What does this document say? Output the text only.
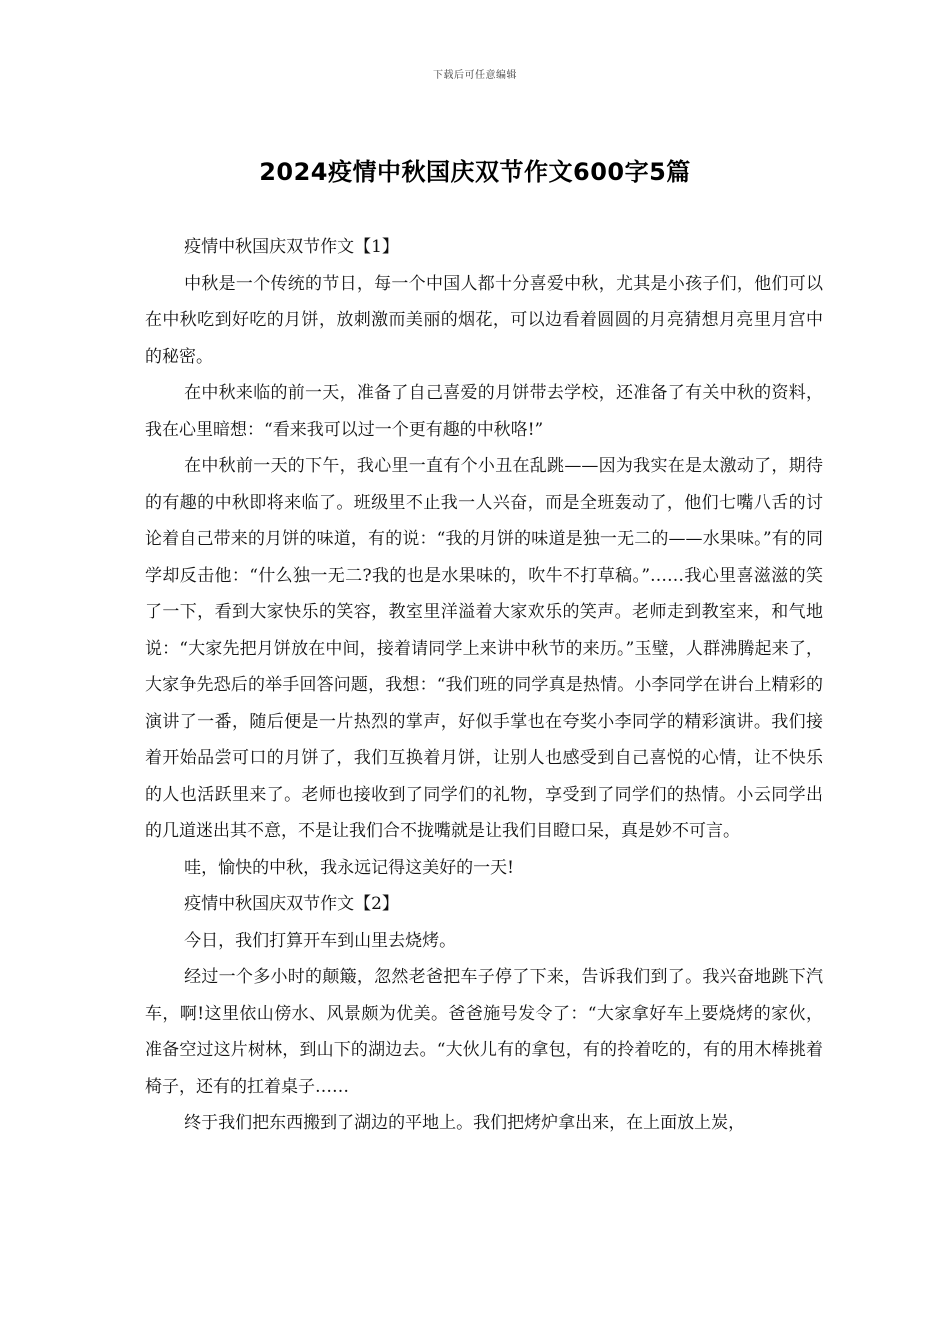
下载后可任意编辑
2024疫情中秋国庆双节作文600字5篇

疫情中秋国庆双节作文【1】

中秋是一个传统的节日，每一个中国人都十分喜爱中秋，尤其是小孩子们，他们可以在中秋吃到好吃的月饼，放刺激而美丽的烟花，可以边看着圆圆的月亮猜想月亮里月宫中的秘密。

在中秋来临的前一天，准备了自己喜爱的月饼带去学校，还准备了有关中秋的资料，我在心里暗想：“看来我可以过一个更有趣的中秋咯!”

在中秋前一天的下午，我心里一直有个小丑在乱跳——因为我实在是太激动了，期待的有趣的中秋即将来临了。班级里不止我一人兴奋，而是全班轰动了，他们七嘴八舌的讨论着自己带来的月饼的味道，有的说：“我的月饼的味道是独一无二的——水果味。”有的同学却反击他：“什么独一无二?我的也是水果味的，吹牛不打草稿。”……我心里喜滋滋的笑了一下，看到大家快乐的笑容，教室里洋溢着大家欢乐的笑声。老师走到教室来，和气地说：“大家先把月饼放在中间，接着请同学上来讲中秋节的来历。”玉璧，人群沸腾起来了，大家争先恐后的举手回答问题，我想：“我们班的同学真是热情。小李同学在讲台上精彩的演讲了一番，随后便是一片热烈的掌声，好似手掌也在夸奖小李同学的精彩演讲。我们接着开始品尝可口的月饼了，我们互换着月饼，让别人也感受到自己喜悦的心情，让不快乐的人也活跃里来了。老师也接收到了同学们的礼物，享受到了同学们的热情。小云同学出的几道迷出其不意，不是让我们合不拢嘴就是让我们目瞪口呆，真是妙不可言。

哇，愉快的中秋，我永远记得这美好的一天!

疫情中秋国庆双节作文【2】

今日，我们打算开车到山里去烧烤。

经过一个多小时的颠簸，忽然老爸把车子停了下来，告诉我们到了。我兴奋地跳下汽车，啊!这里依山傍水、风景颇为优美。爸爸施号发令了：“大家拿好车上要烧烤的家伙，准备空过这片树林，到山下的湖边去。“大伙儿有的拿包，有的拎着吃的，有的用木棒挑着椅子，还有的扛着桌子……

终于我们把东西搬到了湖边的平地上。我们把烤炉拿出来，在上面放上炭，
